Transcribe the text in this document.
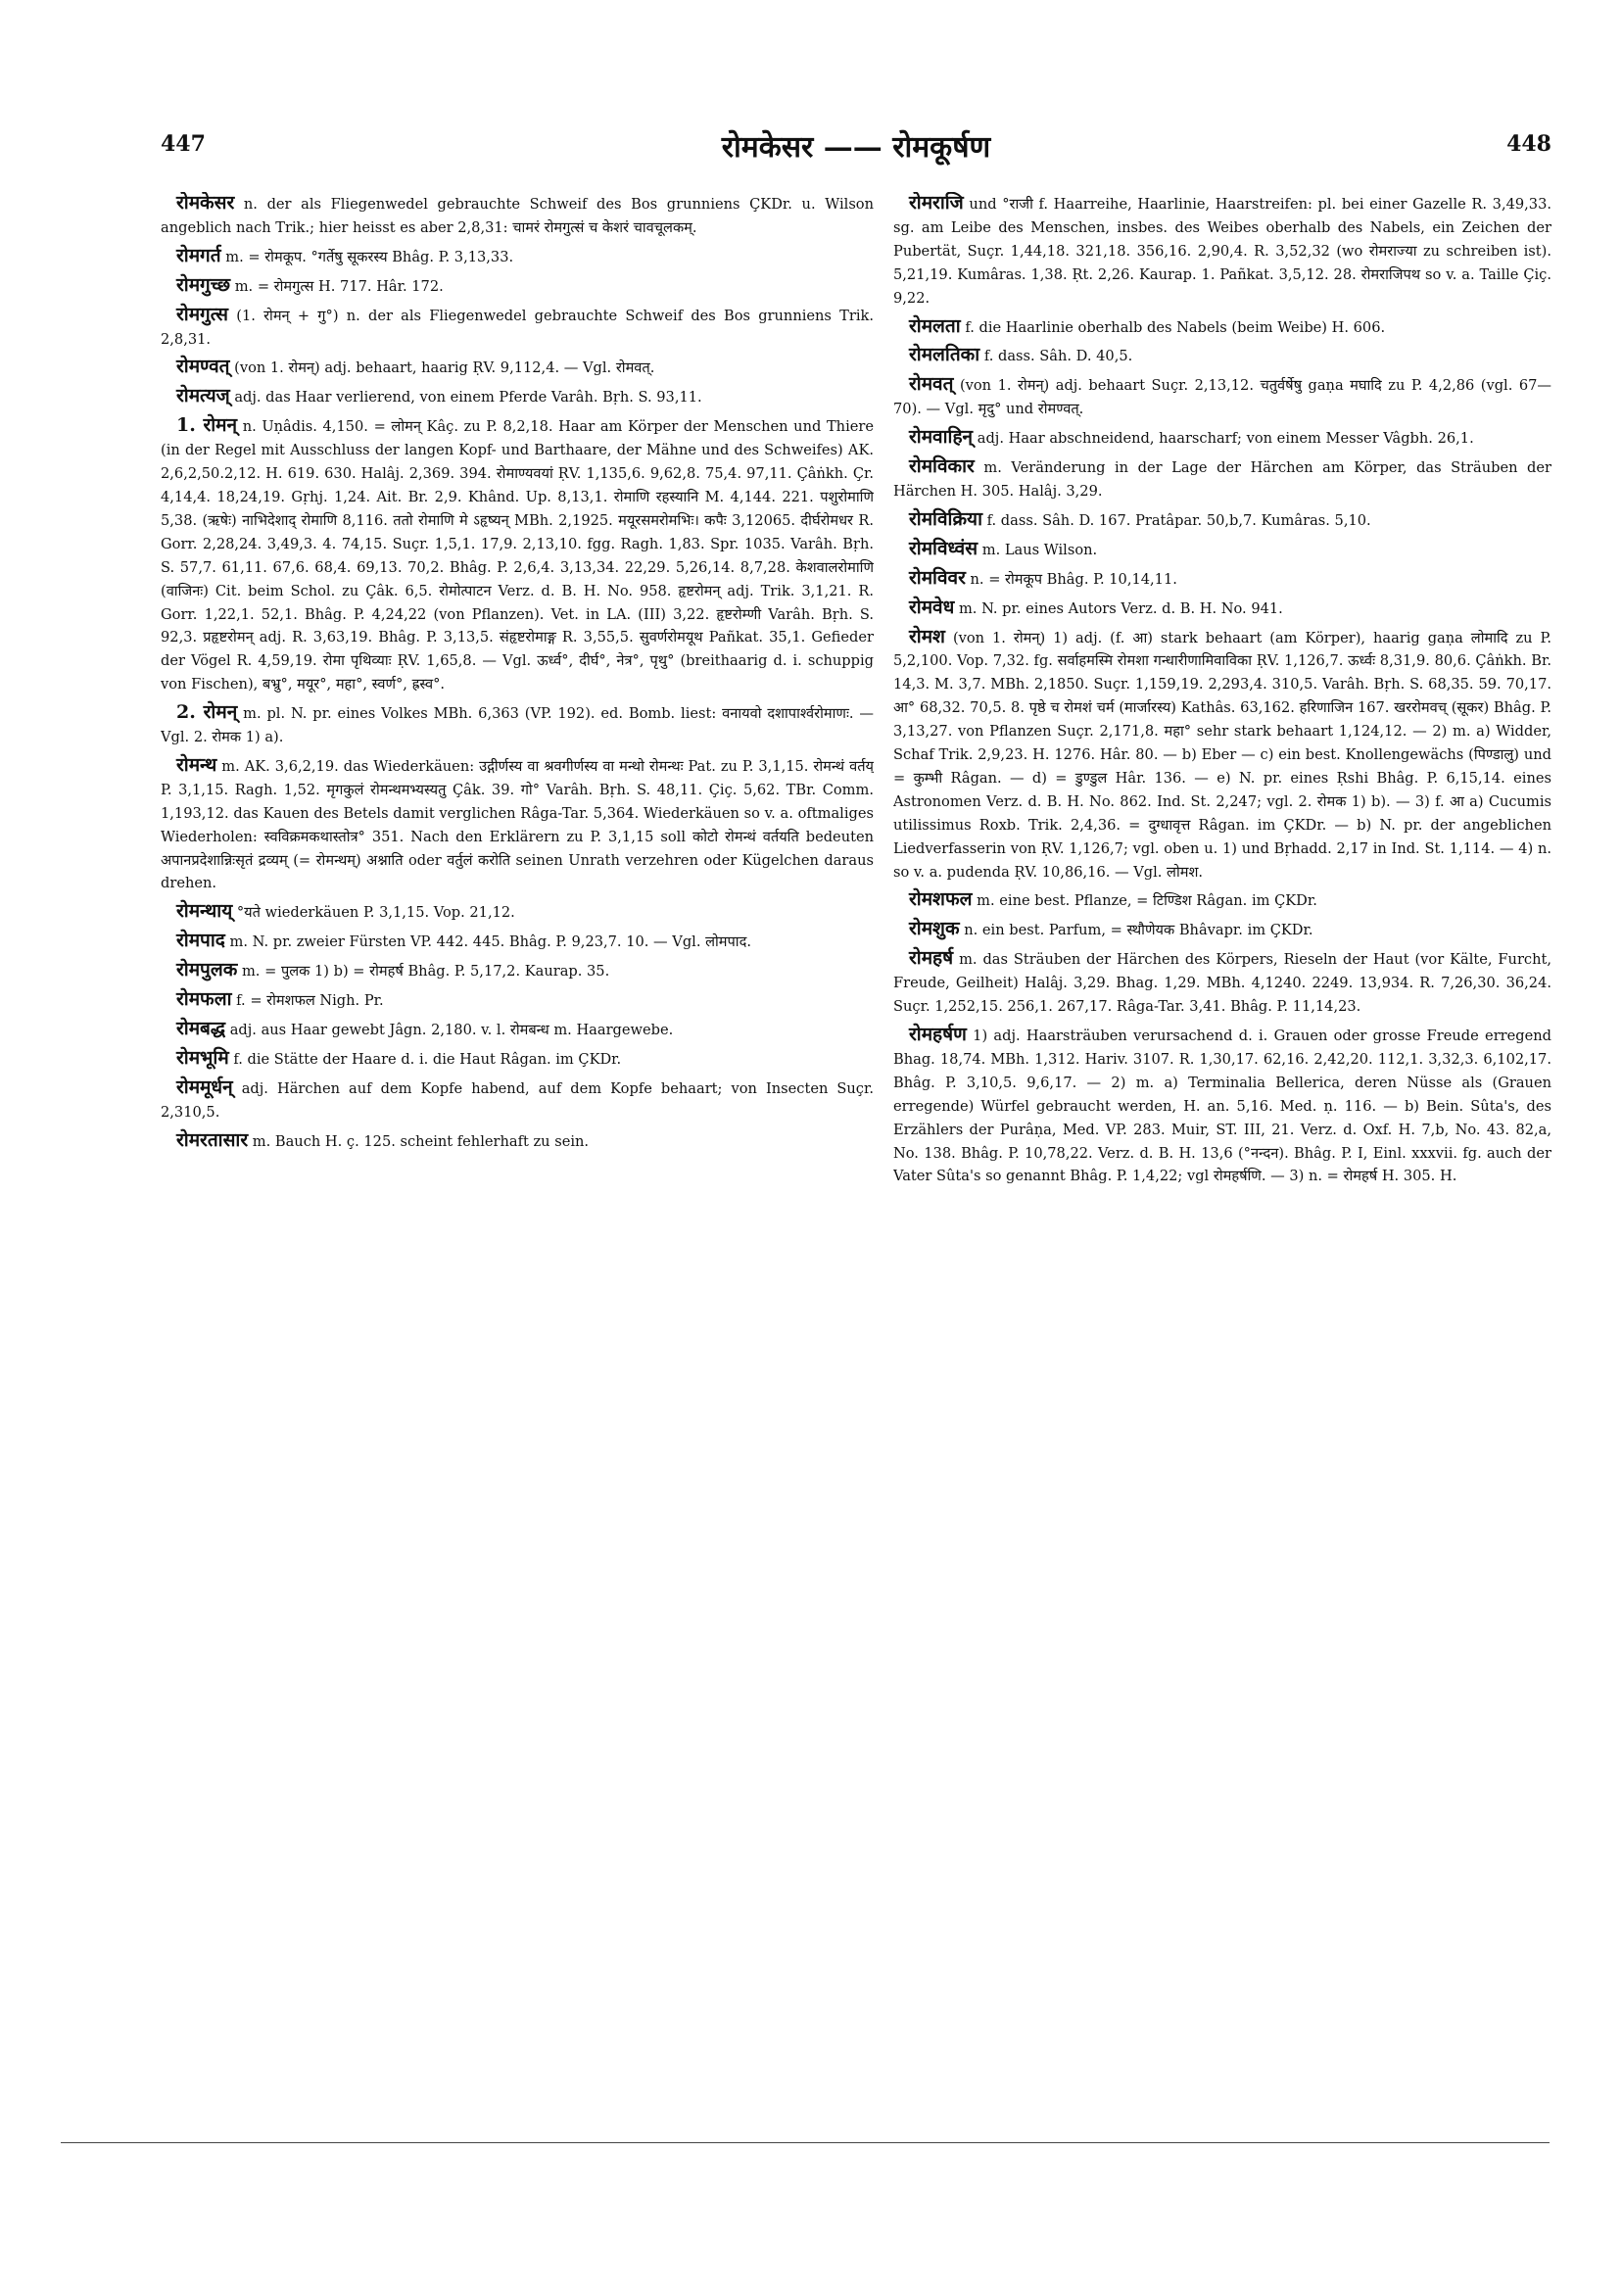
447	रोमकेसर —— रोमकूर्षण	448

रोमकेसर n. der als Fliegenwedel gebrauchte Schweif des Bos grunniens ÇKDr. u. Wilson angeblich nach Trik.; hier heisst es aber 2,8,31: चामरं रोमगुत्सं च केशरं चावचूलकम्.

रोमगर्त m. = रोमकूप. °गर्तेषु सूकरस्य Bhâg. P. 3,13,33.

रोमगुच्छ m. = रोमगुत्स H. 717. Hâr. 172.

रोमगुत्स (1. रोमन् + गु°) n. der als Fliegenwedel gebrauchte Schweif des Bos grunniens Trik. 2,8,31.

रोमण्वत् (von 1. रोमन्) adj. behaart, haarig ṚV. 9,112,4. — Vgl. रोमवत्.

रोमत्यज् adj. das Haar verlierend, von einem Pferde Varâh. Bṛh. S. 93,11.

1. रोमन् n. Uṇâdis. 4,150. = लोमन् Kâç. zu P. 8,2,18. Haar am Körper der Menschen und Thiere (in der Regel mit Ausschluss der langen Kopf- und Barthaare, der Mähne und des Schweifes) AK. 2,6,2,50.2,12. H. 619. 630. Halâj. 2,369. 394. रोमाण्यवयां ṚV. 1,135,6. 9,62,8. 75,4. 97,11. Çâṅkh. Çr. 4,14,4. 18,24,19. Gṛhj. 1,24. Ait. Br. 2,9. Khând. Up. 8,13,1. रोमाणि रहस्यानि M. 4,144. 221. पशुरोमाणि 5,38. (ऋषेः) नाभिदेशाद् रोमाणि 8,116. ततो रोमाणि मे ऽहृष्यन् MBh. 2,1925. मयूरसमरोमभिः। कपैः 3,12065. दीर्घरोमधर R. Gorr. 2,28,24. 3,49,3. 4. 74,15. Suçr. 1,5,1. 17,9. 2,13,10. fgg. Ragh. 1,83. Spr. 1035. Varâh. Bṛh. S. 57,7. 61,11. 67,6. 68,4. 69,13. 70,2. Bhâg. P. 2,6,4. 3,13,34. 22,29. 5,26,14. 8,7,28. केशवालरोमाणि (वाजिनः) Cit. beim Schol. zu Çâk. 6,5. रोमोत्पाटन Verz. d. B. H. No. 958. हृष्टरोमन् adj. Trik. 3,1,21. R. Gorr. 1,22,1. 52,1. Bhâg. P. 4,24,22 (von Pflanzen). Vet. in LA. (III) 3,22. हृष्टरोम्णी Varâh. Bṛh. S. 92,3. प्रहृष्टरोमन् adj. R. 3,63,19. Bhâg. P. 3,13,5. संहृष्टरोमाङ्ग R. 3,55,5. सुवर्णरोमयूथ Pañkat. 35,1. Gefieder der Vögel R. 4,59,19. रोमा पृथिव्याः ṚV. 1,65,8. — Vgl. ऊर्ध्व°, दीर्घ°, नेत्र°, पृथु° (breithaarig d. i. schuppig von Fischen), बभ्रु°, मयूर°, महा°, स्वर्ण°, ह्रस्व°.

2. रोमन् m. pl. N. pr. eines Volkes MBh. 6,363 (VP. 192). ed. Bomb. liest: वनायवो दशापार्श्वरोमाणः. — Vgl. 2. रोमक 1) a).

रोमन्थ m. AK. 3,6,2,19. das Wiederkäuen: उद्गीर्णस्य वा श्रवगीर्णस्य वा मन्थो रोमन्थः Pat. zu P. 3,1,15. रोमन्थं वर्तय् P. 3,1,15. Ragh. 1,52. मृगकुलं रोमन्थमभ्यस्यतु Çâk. 39. गो° Varâh. Bṛh. S. 48,11. Çiç. 5,62. TBr. Comm. 1,193,12. das Kauen des Betels damit verglichen Râga-Tar. 5,364. Wiederkäuen so v. a. oftmaliges Wiederholen: स्वविक्रमकथास्तोत्र° 351. Nach den Erklärern zu P. 3,1,15 soll कोटो रोमन्थं वर्तयति bedeuten अपानप्रदेशान्निःसृतं द्रव्यम् (= रोमन्थम्) अश्नाति oder वर्तुलं करोति seinen Unrath verzehren oder Kügelchen daraus drehen.

रोमन्थाय् °यते wiederkäuen P. 3,1,15. Vop. 21,12.

रोमपाद m. N. pr. zweier Fürsten VP. 442. 445. Bhâg. P. 9,23,7. 10. — Vgl. लोमपाद.

रोमपुलक m. = पुलक 1) b) = रोमहर्ष Bhâg. P. 5,17,2. Kaurap. 35.

रोमफला f. = रोमशफल Nigh. Pr.

रोमबद्ध adj. aus Haar gewebt Jâgn. 2,180. v. l. रोमबन्ध m. Haargewebe.

रोमभूमि f. die Stätte der Haare d. i. die Haut Râgan. im ÇKDr.

रोममूर्धन् adj. Härchen auf dem Kopfe habend, auf dem Kopfe behaart; von Insecten Suçr. 2,310,5.

रोमरतासार m. Bauch H. ç. 125. scheint fehlerhaft zu sein.

रोमराजि und °राजी f. Haarreihe, Haarlinie, Haarstreifen: pl. bei einer Gazelle R. 3,49,33. sg. am Leibe des Menschen, insbes. des Weibes oberhalb des Nabels, ein Zeichen der Pubertät, Suçr. 1,44,18. 321,18. 356,16. 2,90,4. R. 3,52,32 (wo रोमराज्या zu schreiben ist). 5,21,19. Kumâras. 1,38. Ṛt. 2,26. Kaurap. 1. Pañkat. 3,5,12. 28. रोमराजिपथ so v. a. Taille Çiç. 9,22.

रोमलता f. die Haarlinie oberhalb des Nabels (beim Weibe) H. 606.

रोमलतिका f. dass. Sâh. D. 40,5.

रोमवत् (von 1. रोमन्) adj. behaart Suçr. 2,13,12. चतुर्वर्षेषु gaṇa मघादि zu P. 4,2,86 (vgl. 67—70). — Vgl. मृदु° und रोमण्वत्.

रोमवाहिन् adj. Haar abschneidend, haarscharf; von einem Messer Vâgbh. 26,1.

रोमविकार m. Veränderung in der Lage der Härchen am Körper, das Sträuben der Härchen H. 305. Halâj. 3,29.

रोमविक्रिया f. dass. Sâh. D. 167. Pratâpar. 50,b,7. Kumâras. 5,10.

रोमविध्वंस m. Laus Wilson.

रोमविवर n. = रोमकूप Bhâg. P. 10,14,11.

रोमवेध m. N. pr. eines Autors Verz. d. B. H. No. 941.

रोमश (von 1. रोमन्) 1) adj. (f. आ) stark behaart (am Körper), haarig gaṇa लोमादि zu P. 5,2,100. Vop. 7,32. fg. सर्वाहमस्मि रोमशा गन्धारीणामिवाविका ṚV. 1,126,7. ऊर्ध्वः 8,31,9. 80,6. Çâṅkh. Br. 14,3. M. 3,7. MBh. 2,1850. Suçr. 1,159,19. 2,293,4. 310,5. Varâh. Bṛh. S. 68,35. 59. 70,17. आ° 68,32. 70,5. 8. पृष्ठे च रोमशं चर्म (मार्जारस्य) Kathâs. 63,162. हरिणाजिन 167. खररोमवच् (सूकर) Bhâg. P. 3,13,27. von Pflanzen Suçr. 2,171,8. महा° sehr stark behaart 1,124,12. — 2) m. a) Widder, Schaf Trik. 2,9,23. H. 1276. Hâr. 80. — b) Eber — c) ein best. Knollengewächs (पिण्डालु) und = कुम्भी Râgan. — d) = डुण्डुल Hâr. 136. — e) N. pr. eines Ṛshi Bhâg. P. 6,15,14. eines Astronomen Verz. d. B. H. No. 862. Ind. St. 2,247; vgl. 2. रोमक 1) b). — 3) f. आ a) Cucumis utilissimus Roxb. Trik. 2,4,36. = दुग्धावृत्त Râgan. im ÇKDr. — b) N. pr. der angeblichen Liedverfasserin von ṚV. 1,126,7; vgl. oben u. 1) und Bṛhadd. 2,17 in Ind. St. 1,114. — 4) n. so v. a. pudenda ṚV. 10,86,16. — Vgl. लोमश.

रोमशफल m. eine best. Pflanze, = टिण्डिश Râgan. im ÇKDr.

रोमशुक n. ein best. Parfum, = स्थौणेयक Bhâvapr. im ÇKDr.

रोमहर्ष m. das Sträuben der Härchen des Körpers, Rieseln der Haut (vor Kälte, Furcht, Freude, Geilheit) Halâj. 3,29. Bhag. 1,29. MBh. 4,1240. 2249. 13,934. R. 7,26,30. 36,24. Suçr. 1,252,15. 256,1. 267,17. Râga-Tar. 3,41. Bhâg. P. 11,14,23.

रोमहर्षण 1) adj. Haarsträuben verursachend d. i. Grauen oder grosse Freude erregend Bhag. 18,74. MBh. 1,312. Hariv. 3107. R. 1,30,17. 62,16. 2,42,20. 112,1. 3,32,3. 6,102,17. Bhâg. P. 3,10,5. 9,6,17. — 2) m. a) Terminalia Bellerica, deren Nüsse als (Grauen erregende) Würfel gebraucht werden, H. an. 5,16. Med. ṇ. 116. — b) Bein. Sûta's, des Erzählers der Purâṇa, Med. VP. 283. Muir, ST. III, 21. Verz. d. Oxf. H. 7,b, No. 43. 82,a, No. 138. Bhâg. P. 10,78,22. Verz. d. B. H. 13,6 (°नन्दन). Bhâg. P. I, Einl. xxxvii. fg. auch der Vater Sûta's so genannt Bhâg. P. 1,4,22; vgl रोमहर्षणि. — 3) n. = रोमहर्ष H. 305. H.
